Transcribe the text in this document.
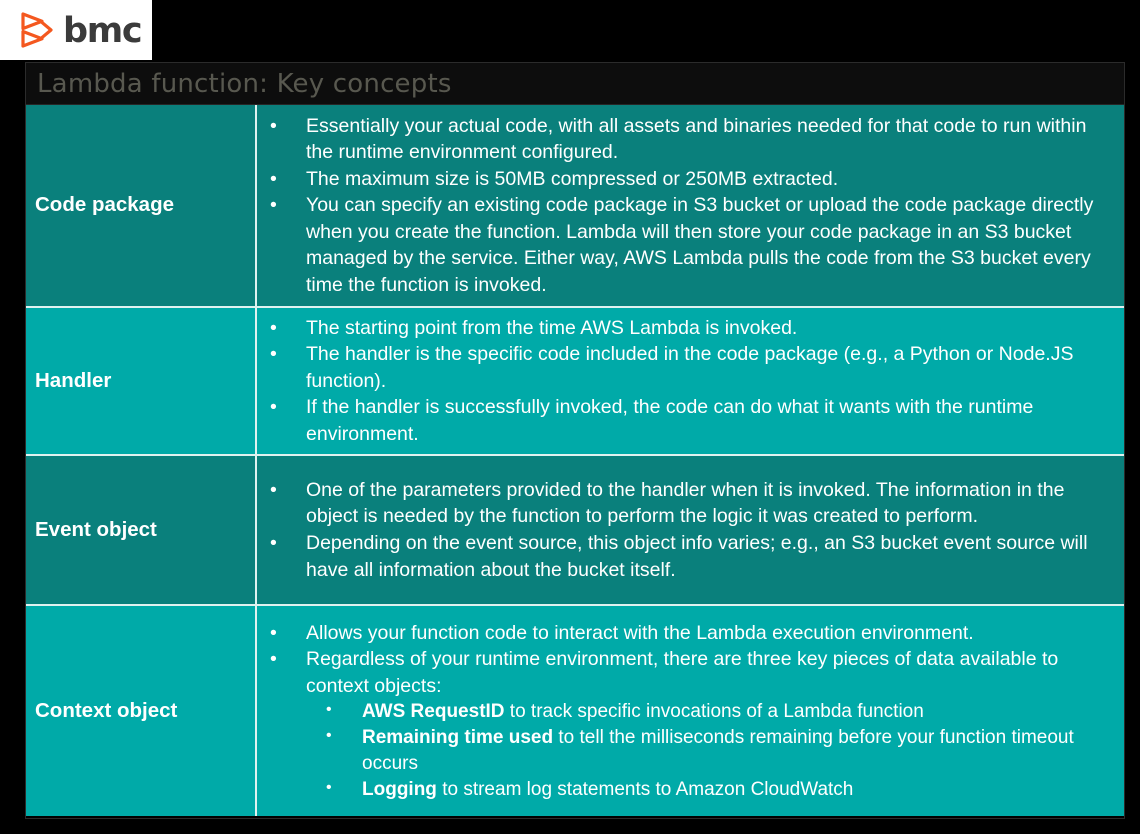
bmc
Lambda function: Key concepts
Code package
•	Essentially your actual code, with all assets and binaries needed for that code to run within the runtime environment configured.
•	The maximum size is 50MB compressed or 250MB extracted.
•	You can specify an existing code package in S3 bucket or upload the code package directly when you create the function. Lambda will then store your code package in an S3 bucket managed by the service. Either way, AWS Lambda pulls the code from the S3 bucket every time the function is invoked.
Handler
•	The starting point from the time AWS Lambda is invoked.
•	The handler is the specific code included in the code package (e.g., a Python or Node.JS function).
•	If the handler is successfully invoked, the code can do what it wants with the runtime environment.
Event object
•	One of the parameters provided to the handler when it is invoked. The information in the object is needed by the function to perform the logic it was created to perform.
•	Depending on the event source, this object info varies; e.g., an S3 bucket event source will have all information about the bucket itself.
Context object
•	Allows your function code to interact with the Lambda execution environment.
•	Regardless of your runtime environment, there are three key pieces of data available to context objects:
•	AWS RequestID to track specific invocations of a Lambda function
•	Remaining time used to tell the milliseconds remaining before your function timeout occurs
•	Logging to stream log statements to Amazon CloudWatch
